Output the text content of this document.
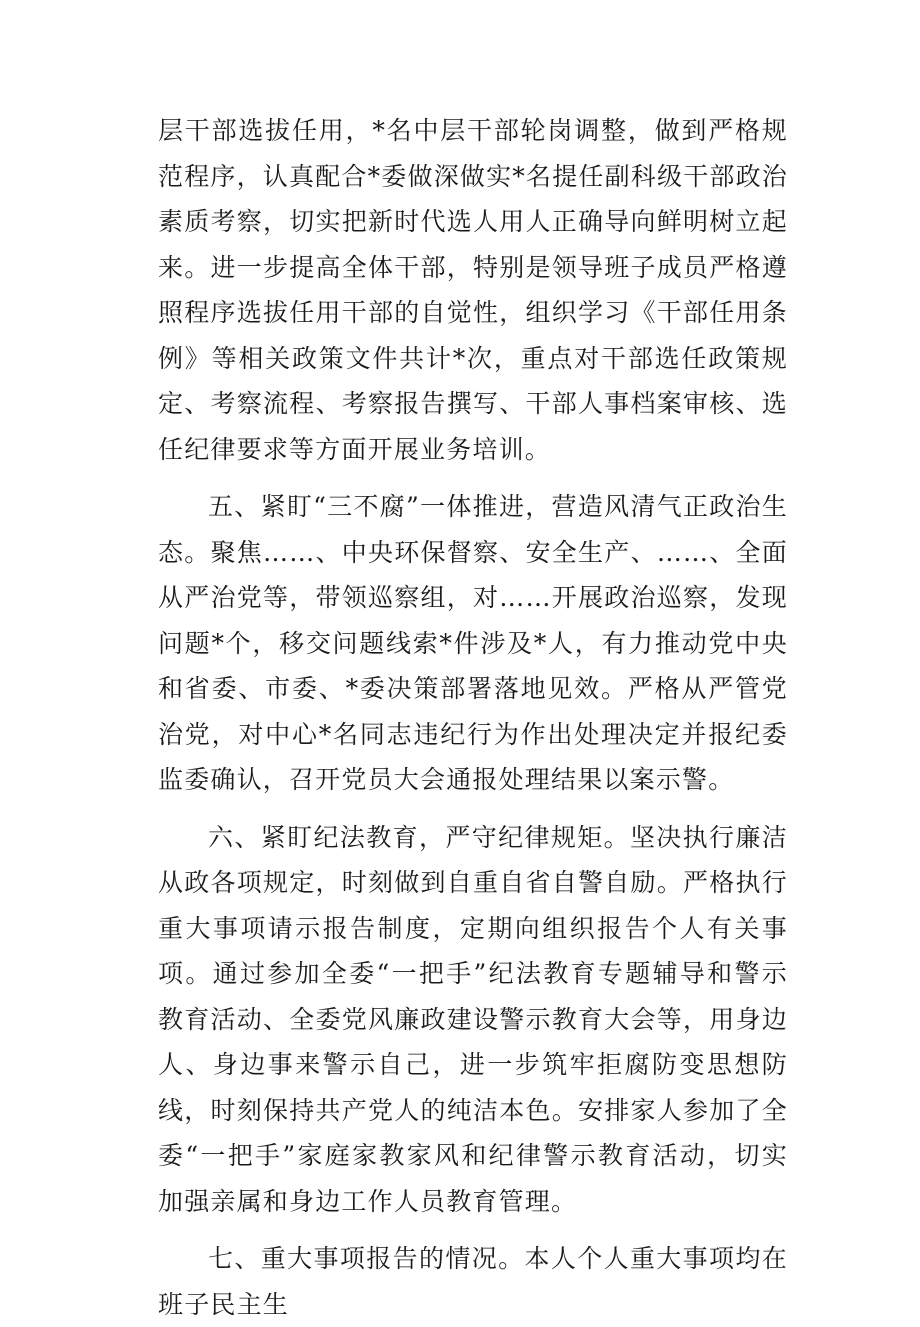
层干部选拔任用，*名中层干部轮岗调整，做到严格规范程序，认真配合*委做深做实*名提任副科级干部政治素质考察，切实把新时代选人用人正确导向鲜明树立起来。进一步提高全体干部，特别是领导班子成员严格遵照程序选拔任用干部的自觉性，组织学习《干部任用条例》等相关政策文件共计*次，重点对干部选任政策规定、考察流程、考察报告撰写、干部人事档案审核、选任纪律要求等方面开展业务培训。

五、紧盯“三不腐”一体推进，营造风清气正政治生态。聚焦……、中央环保督察、安全生产、……、全面从严治党等，带领巡察组，对……开展政治巡察，发现问题*个，移交问题线索*件涉及*人，有力推动党中央和省委、市委、*委决策部署落地见效。严格从严管党治党，对中心*名同志违纪行为作出处理决定并报纪委监委确认，召开党员大会通报处理结果以案示警。

六、紧盯纪法教育，严守纪律规矩。坚决执行廉洁从政各项规定，时刻做到自重自省自警自励。严格执行重大事项请示报告制度，定期向组织报告个人有关事项。通过参加全委“一把手”纪法教育专题辅导和警示教育活动、全委党风廉政建设警示教育大会等，用身边人、身边事来警示自己，进一步筑牢拒腐防变思想防线，时刻保持共产党人的纯洁本色。安排家人参加了全委“一把手”家庭家教家风和纪律警示教育活动，切实加强亲属和身边工作人员教育管理。

七、重大事项报告的情况。本人个人重大事项均在班子民主生
